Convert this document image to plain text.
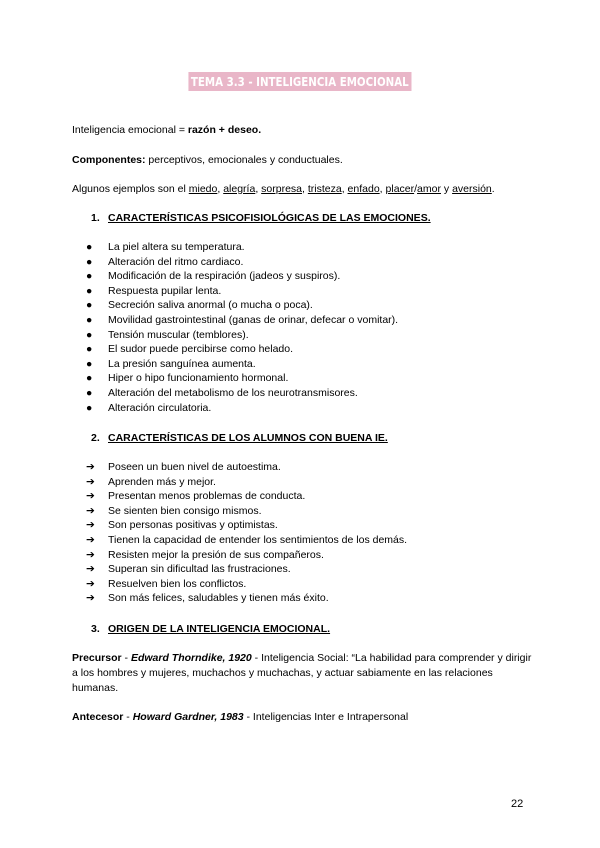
TEMA 3.3 - INTELIGENCIA EMOCIONAL
Inteligencia emocional = razón + deseo.
Componentes: perceptivos, emocionales y conductuales.
Algunos ejemplos son el miedo, alegría, sorpresa, tristeza, enfado, placer/amor y aversión.
1. CARACTERÍSTICAS PSICOFISIOLÓGICAS DE LAS EMOCIONES.
●	La piel altera su temperatura.
●	Alteración del ritmo cardiaco.
●	Modificación de la respiración (jadeos y suspiros).
●	Respuesta pupilar lenta.
●	Secreción saliva anormal (o mucha o poca).
●	Movilidad gastrointestinal (ganas de orinar, defecar o vomitar).
●	Tensión muscular (temblores).
●	El sudor puede percibirse como helado.
●	La presión sanguínea aumenta.
●	Hiper o hipo funcionamiento hormonal.
●	Alteración del metabolismo de los neurotransmisores.
●	Alteración circulatoria.
2. CARACTERÍSTICAS DE LOS ALUMNOS CON BUENA IE.
➔	Poseen un buen nivel de autoestima.
➔	Aprenden más y mejor.
➔	Presentan menos problemas de conducta.
➔	Se sienten bien consigo mismos.
➔	Son personas positivas y optimistas.
➔	Tienen la capacidad de entender los sentimientos de los demás.
➔	Resisten mejor la presión de sus compañeros.
➔	Superan sin dificultad las frustraciones.
➔	Resuelven bien los conflictos.
➔	Son más felices, saludables y tienen más éxito.
3. ORIGEN DE LA INTELIGENCIA EMOCIONAL.
Precursor - Edward Thorndike, 1920 - Inteligencia Social: “La habilidad para comprender y dirigir a los hombres y mujeres, muchachos y muchachas, y actuar sabiamente en las relaciones humanas.
Antecesor - Howard Gardner, 1983 - Inteligencias Inter e Intrapersonal
22
